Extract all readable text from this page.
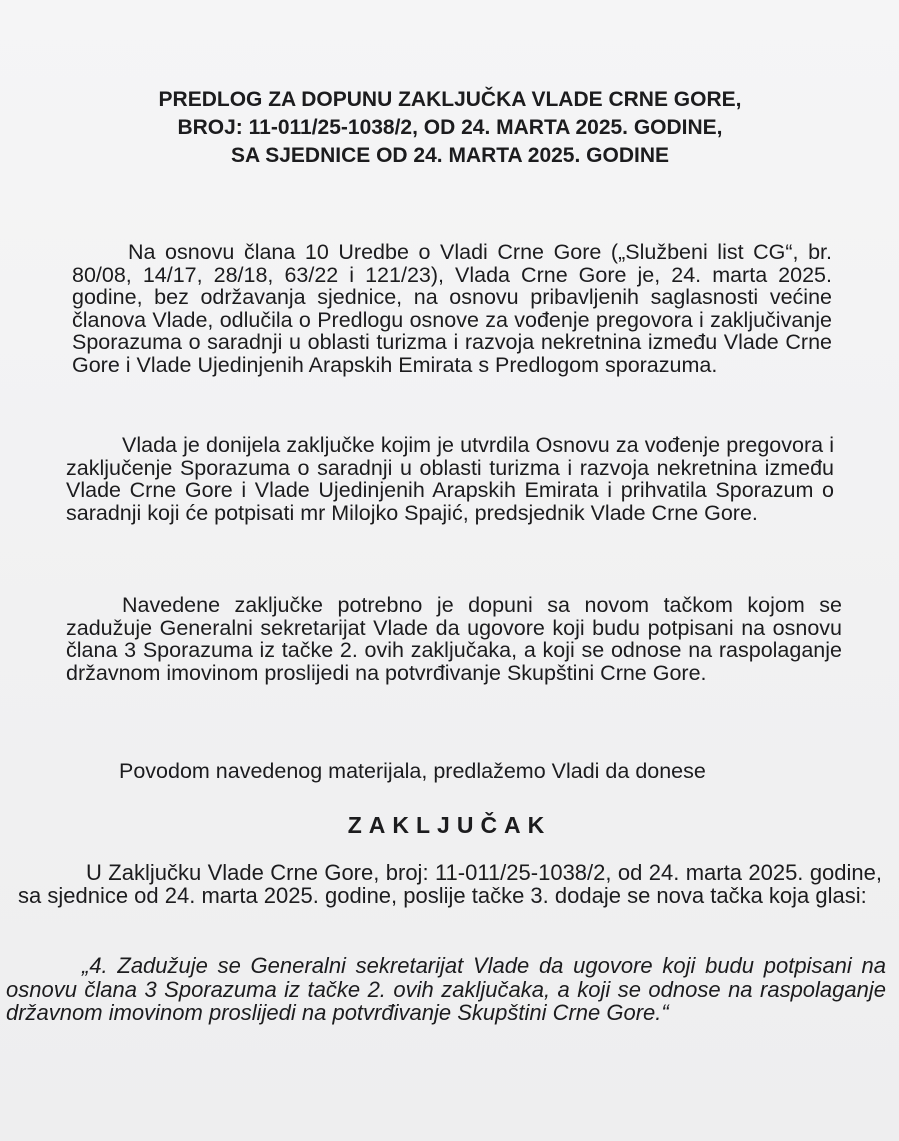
PREDLOG ZA DOPUNU ZAKLJUČKA VLADE CRNE GORE,
BROJ: 11-011/25-1038/2, OD 24. MARTA 2025. GODINE,
SA SJEDNICE OD 24. MARTA 2025. GODINE

Na osnovu člana 10 Uredbe o Vladi Crne Gore („Službeni list CG“, br. 80/08, 14/17, 28/18, 63/22 i 121/23), Vlada Crne Gore je, 24. marta 2025. godine, bez održavanja sjednice, na osnovu pribavljenih saglasnosti većine članova Vlade, odlučila o Predlogu osnove za vođenje pregovora i zaključivanje Sporazuma o saradnji u oblasti turizma i razvoja nekretnina između Vlade Crne Gore i Vlade Ujedinjenih Arapskih Emirata s Predlogom sporazuma.

Vlada je donijela zaključke kojim je utvrdila Osnovu za vođenje pregovora i zaključenje Sporazuma o saradnji u oblasti turizma i razvoja nekretnina između Vlade Crne Gore i Vlade Ujedinjenih Arapskih Emirata i prihvatila Sporazum o saradnji koji će potpisati mr Milojko Spajić, predsjednik Vlade Crne Gore.

Navedene zaključke potrebno je dopuni sa novom tačkom kojom se zadužuje Generalni sekretarijat Vlade da ugovore koji budu potpisani na osnovu člana 3 Sporazuma iz tačke 2. ovih zaključaka, a koji se odnose na raspolaganje državnom imovinom proslijedi na potvrđivanje Skupštini Crne Gore.

Povodom navedenog materijala, predlažemo Vladi da donese

ZAKLJUČAK

U Zaključku Vlade Crne Gore, broj: 11-011/25-1038/2, od 24. marta 2025. godine, sa sjednice od 24. marta 2025. godine, poslije tačke 3. dodaje se nova tačka koja glasi:

„4. Zadužuje se Generalni sekretarijat Vlade da ugovore koji budu potpisani na osnovu člana 3 Sporazuma iz tačke 2. ovih zaključaka, a koji se odnose na raspolaganje državnom imovinom proslijedi na potvrđivanje Skupštini Crne Gore.“
